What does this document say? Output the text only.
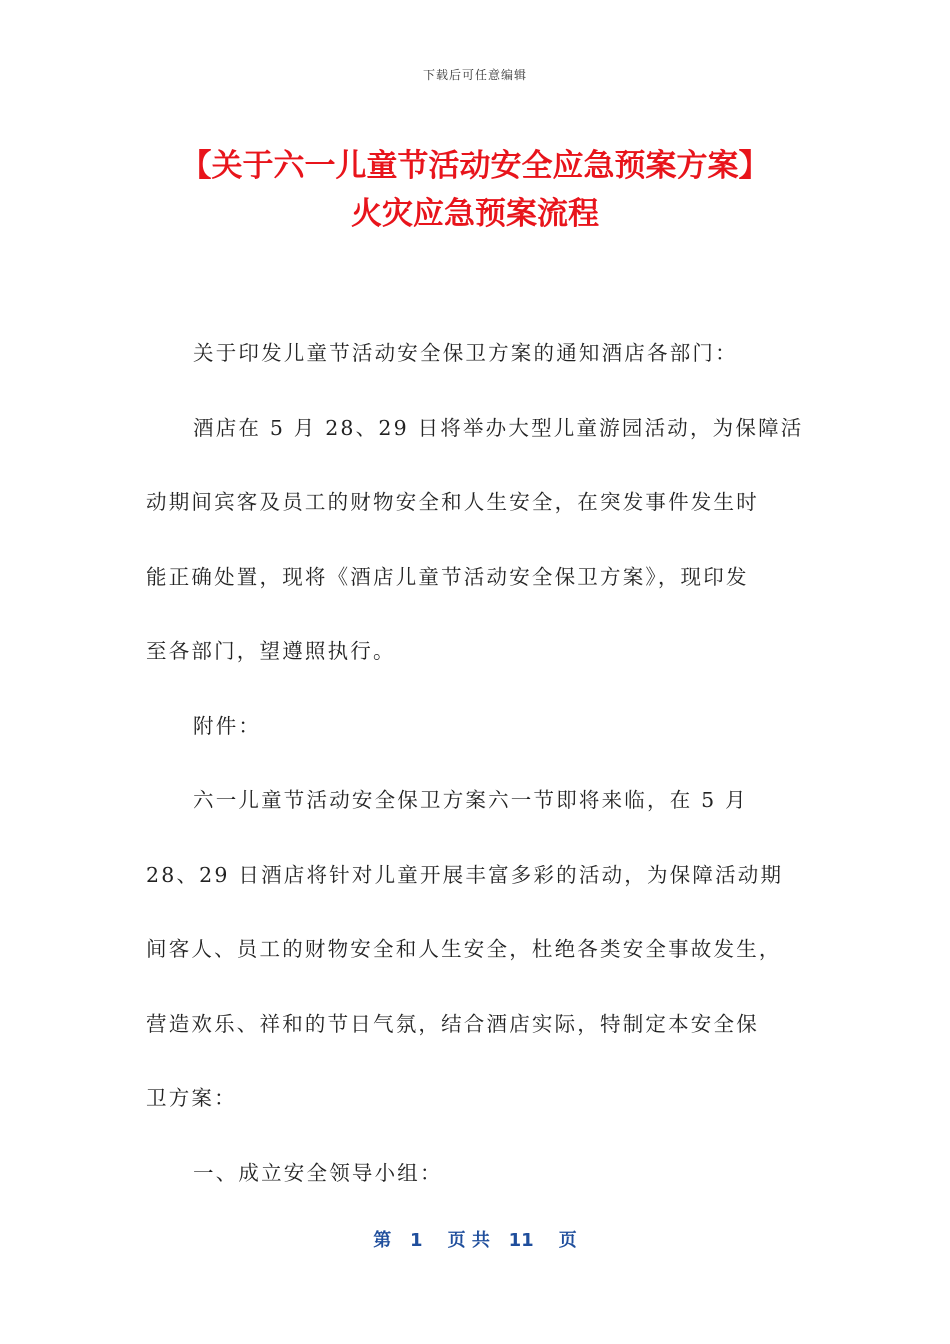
下载后可任意编辑
【关于六一儿童节活动安全应急预案方案】
火灾应急预案流程

关于印发儿童节活动安全保卫方案的通知酒店各部门：

酒店在 5 月 28、29 日将举办大型儿童游园活动，为保障活

动期间宾客及员工的财物安全和人生安全，在突发事件发生时

能正确处置，现将《酒店儿童节活动安全保卫方案》，现印发

至各部门，望遵照执行。

附件：

六一儿童节活动安全保卫方案六一节即将来临，在 5 月

28、29 日酒店将针对儿童开展丰富多彩的活动，为保障活动期

间客人、员工的财物安全和人生安全，杜绝各类安全事故发生，

营造欢乐、祥和的节日气氛，结合酒店实际，特制定本安全保

卫方案：

一、成立安全领导小组：

第   1    页 共   11    页
